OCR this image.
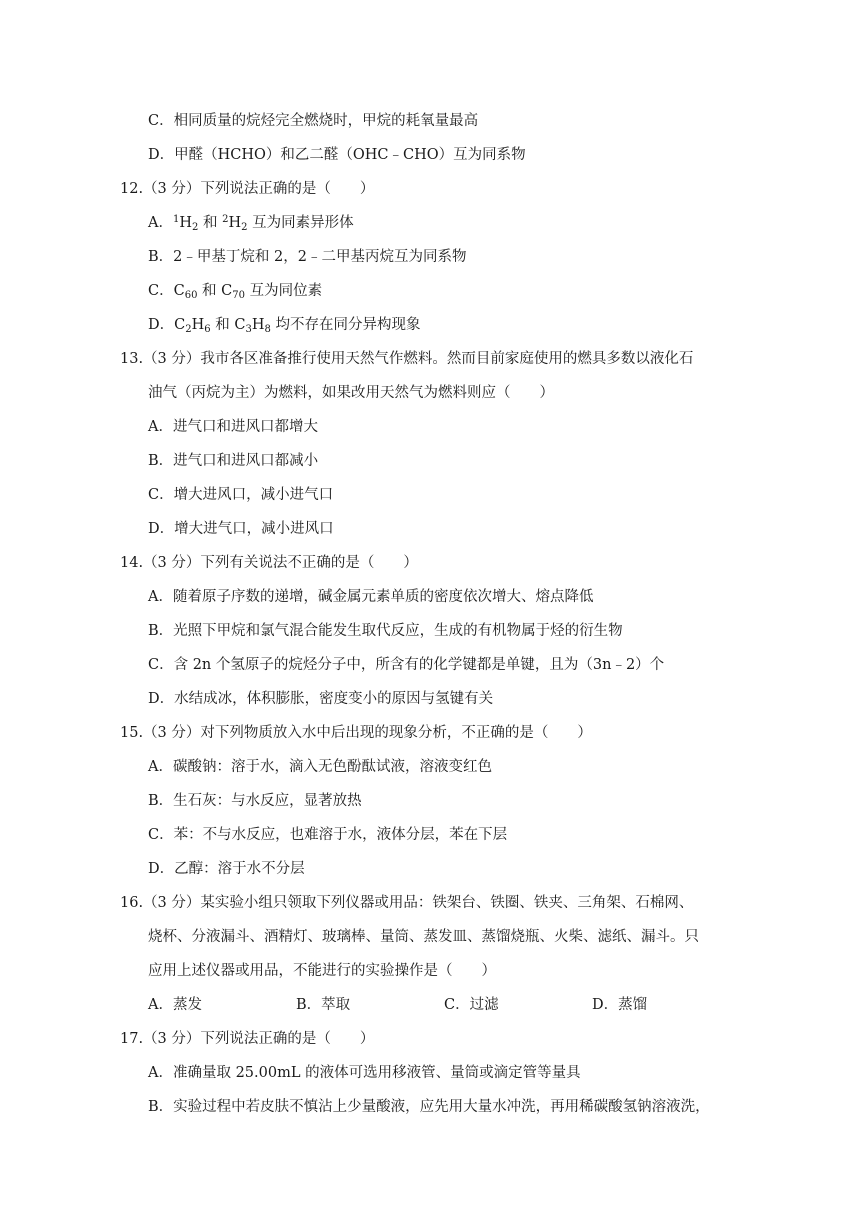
C．相同质量的烷烃完全燃烧时，甲烷的耗氧量最高
D．甲醛（HCHO）和乙二醛（OHC﹣CHO）互为同系物
12.（3 分）下列说法正确的是（　　）
A．$^1H_2$ 和 $^2H_2$ 互为同素异形体
B．2﹣甲基丁烷和 2，2﹣二甲基丙烷互为同系物
C．$C_{60}$ 和 $C_{70}$ 互为同位素
D．$C_2H_6$ 和 $C_3H_8$ 均不存在同分异构现象
13.（3 分）我市各区准备推行使用天然气作燃料。然而目前家庭使用的燃具多数以液化石
油气（丙烷为主）为燃料，如果改用天然气为燃料则应（　　）
A．进气口和进风口都增大
B．进气口和进风口都减小
C．增大进风口，减小进气口
D．增大进气口，减小进风口
14.（3 分）下列有关说法不正确的是（　　）
A．随着原子序数的递增，碱金属元素单质的密度依次增大、熔点降低
B．光照下甲烷和氯气混合能发生取代反应，生成的有机物属于烃的衍生物
C．含 2n 个氢原子的烷烃分子中，所含有的化学键都是单键，且为（3n﹣2）个
D．水结成冰，体积膨胀，密度变小的原因与氢键有关
15.（3 分）对下列物质放入水中后出现的现象分析，不正确的是（　　）
A．碳酸钠：溶于水，滴入无色酚酞试液，溶液变红色
B．生石灰：与水反应，显著放热
C．苯：不与水反应，也难溶于水，液体分层，苯在下层
D．乙醇：溶于水不分层
16.（3 分）某实验小组只领取下列仪器或用品：铁架台、铁圈、铁夹、三角架、石棉网、
烧杯、分液漏斗、酒精灯、玻璃棒、量筒、蒸发皿、蒸馏烧瓶、火柴、滤纸、漏斗。只
应用上述仪器或用品，不能进行的实验操作是（　　）
A．蒸发	B．萃取	C．过滤	D．蒸馏
17.（3 分）下列说法正确的是（　　）
A．准确量取 25.00mL 的液体可选用移液管、量筒或滴定管等量具
B．实验过程中若皮肤不慎沾上少量酸液，应先用大量水冲洗，再用稀碳酸氢钠溶液洗，
